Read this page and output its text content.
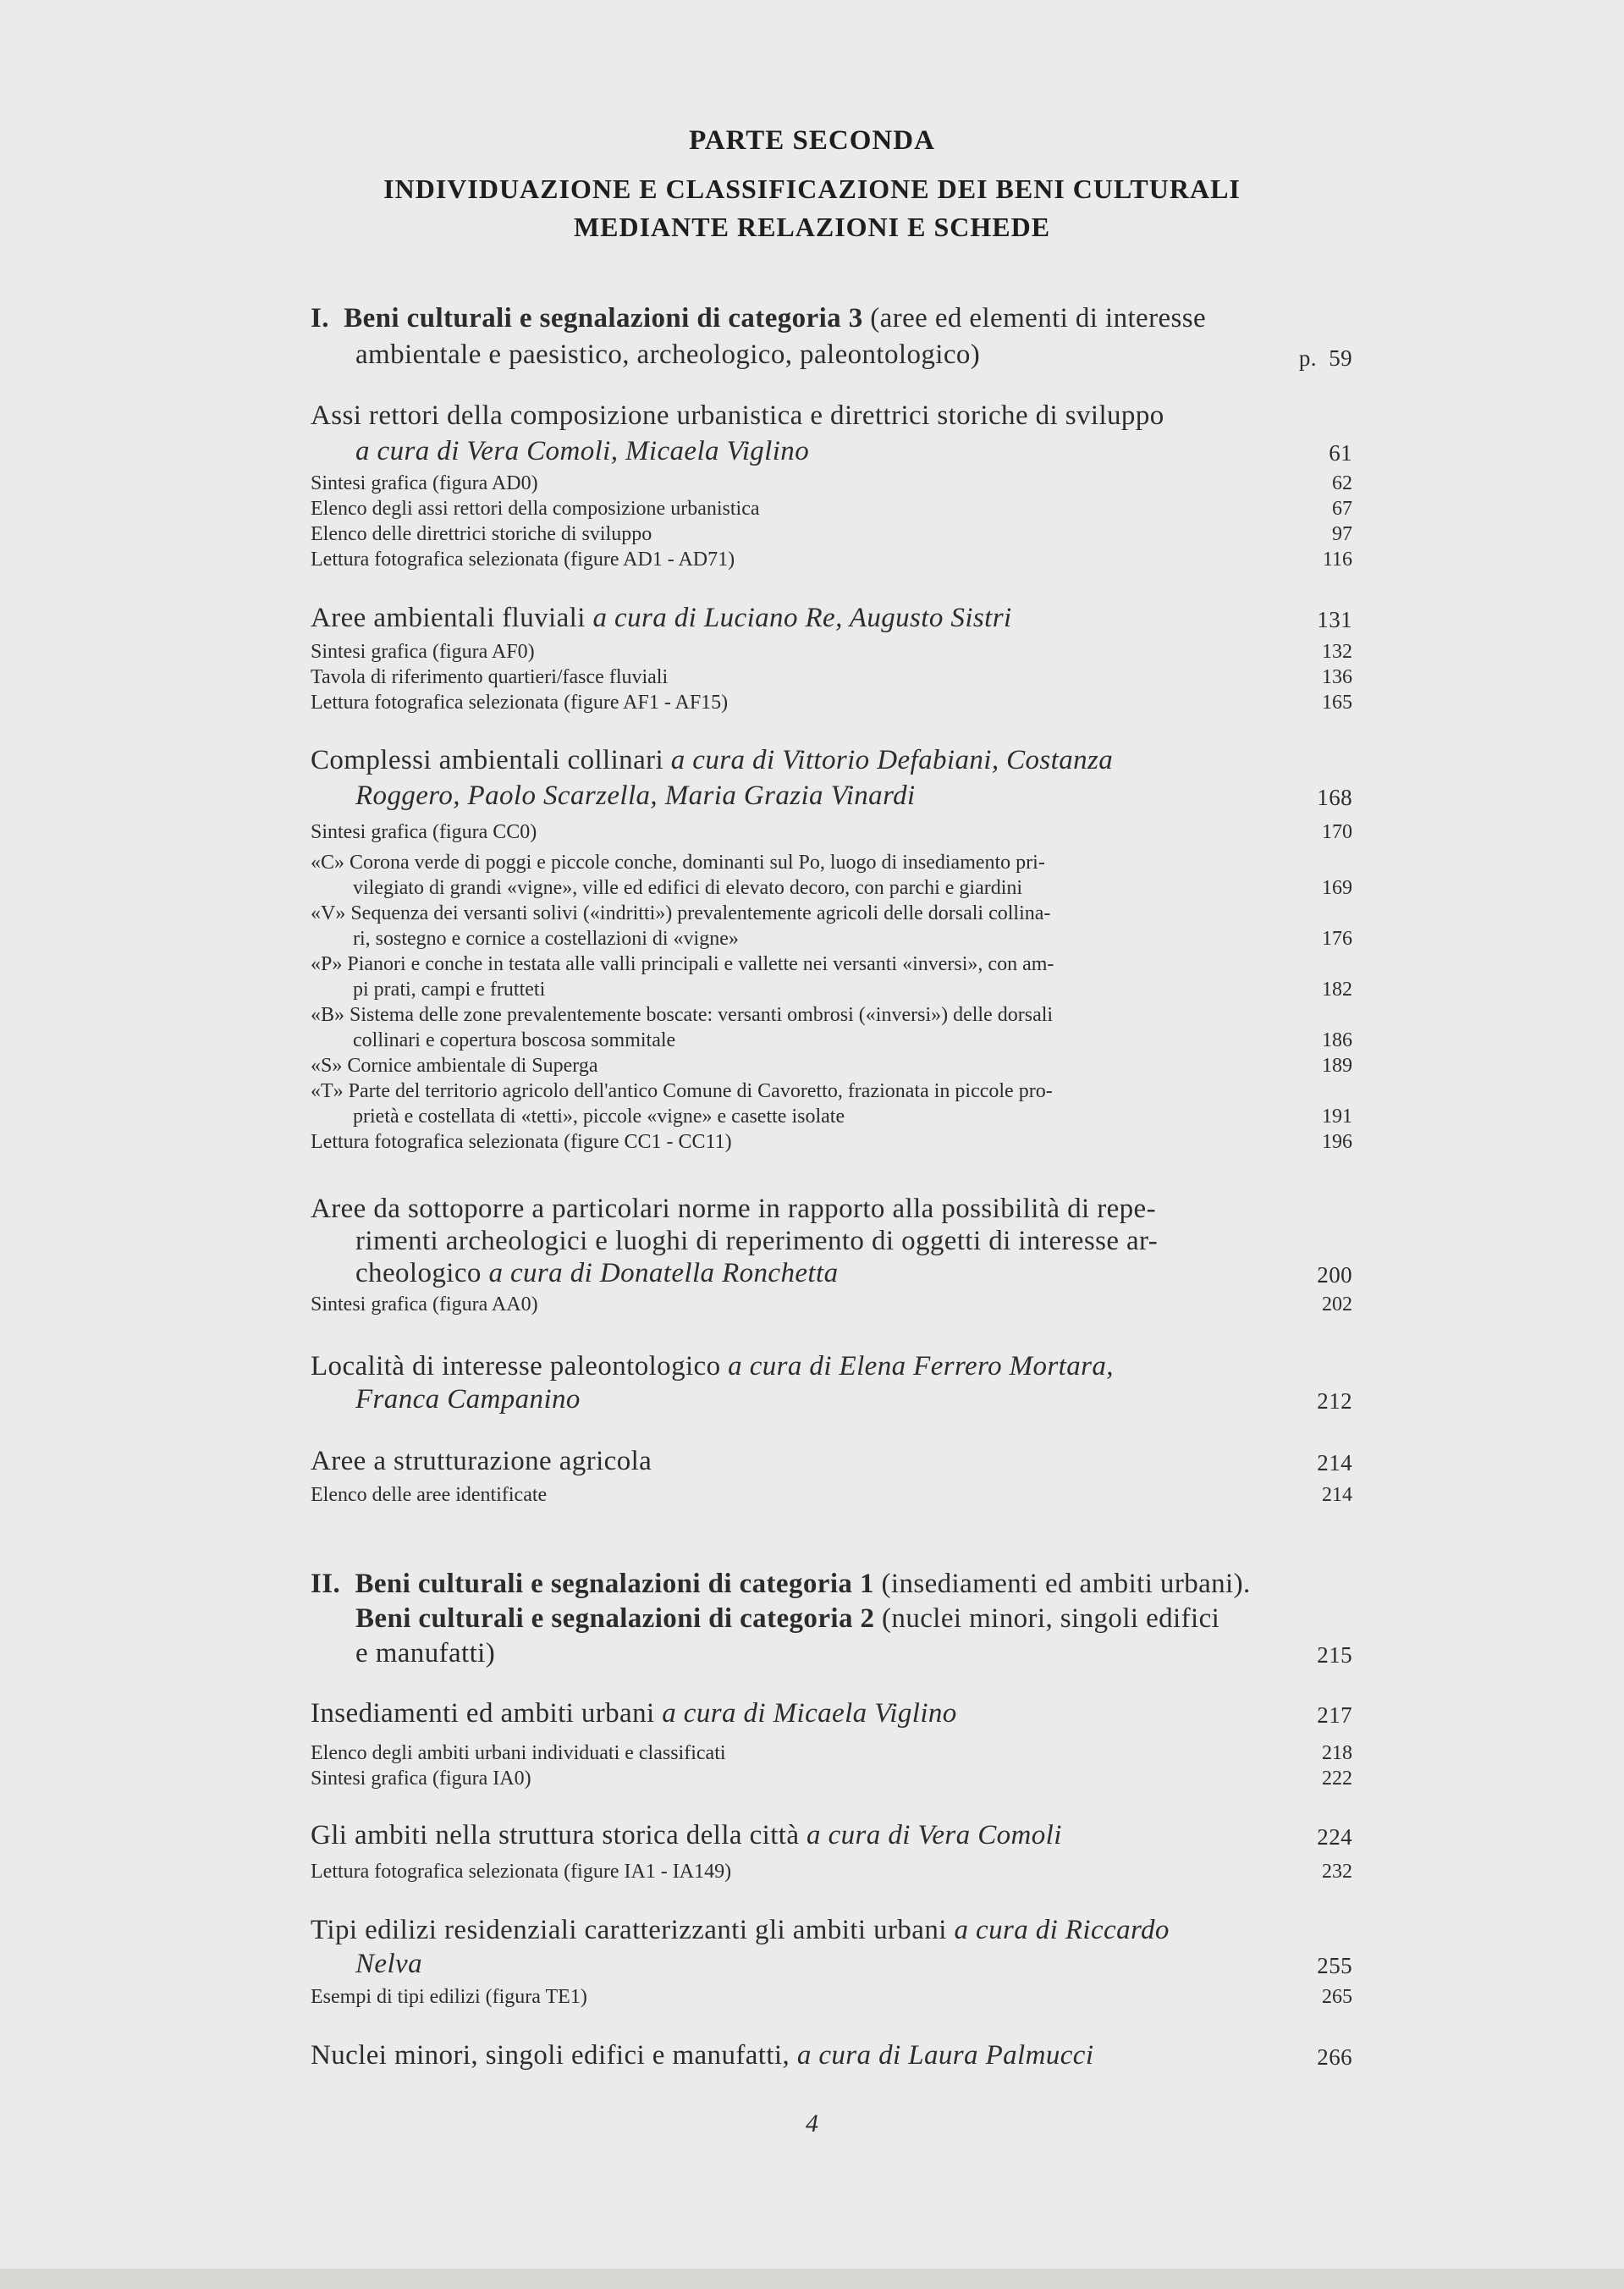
PARTE SECONDA
INDIVIDUAZIONE E CLASSIFICAZIONE DEI BENI CULTURALI
MEDIANTE RELAZIONI E SCHEDE
I. Beni culturali e segnalazioni di categoria 3 (aree ed elementi di interesse
ambientale e paesistico, archeologico, paleontologico)	p. 59
Assi rettori della composizione urbanistica e direttrici storiche di sviluppo
a cura di Vera Comoli, Micaela Viglino	61
Sintesi grafica (figura AD0)	62
Elenco degli assi rettori della composizione urbanistica	67
Elenco delle direttrici storiche di sviluppo	97
Lettura fotografica selezionata (figure AD1 - AD71)	116
Aree ambientali fluviali a cura di Luciano Re, Augusto Sistri	131
Sintesi grafica (figura AF0)	132
Tavola di riferimento quartieri/fasce fluviali	136
Lettura fotografica selezionata (figure AF1 - AF15)	165
Complessi ambientali collinari a cura di Vittorio Defabiani, Costanza
Roggero, Paolo Scarzella, Maria Grazia Vinardi	168
Sintesi grafica (figura CC0)	170
«C» Corona verde di poggi e piccole conche, dominanti sul Po, luogo di insediamento pri-
vilegiato di grandi «vigne», ville ed edifici di elevato decoro, con parchi e giardini	169
«V» Sequenza dei versanti solivi («indritti») prevalentemente agricoli delle dorsali collina-
ri, sostegno e cornice a costellazioni di «vigne»	176
«P» Pianori e conche in testata alle valli principali e vallette nei versanti «inversi», con am-
pi prati, campi e frutteti	182
«B» Sistema delle zone prevalentemente boscate: versanti ombrosi («inversi») delle dorsali
collinari e copertura boscosa sommitale	186
«S» Cornice ambientale di Superga	189
«T» Parte del territorio agricolo dell'antico Comune di Cavoretto, frazionata in piccole pro-
prietà e costellata di «tetti», piccole «vigne» e casette isolate	191
Lettura fotografica selezionata (figure CC1 - CC11)	196
Aree da sottoporre a particolari norme in rapporto alla possibilità di repe-
rimenti archeologici e luoghi di reperimento di oggetti di interesse ar-
cheologico a cura di Donatella Ronchetta	200
Sintesi grafica (figura AA0)	202
Località di interesse paleontologico a cura di Elena Ferrero Mortara,
Franca Campanino	212
Aree a strutturazione agricola	214
Elenco delle aree identificate	214
II. Beni culturali e segnalazioni di categoria 1 (insediamenti ed ambiti urbani).
Beni culturali e segnalazioni di categoria 2 (nuclei minori, singoli edifici
e manufatti)	215
Insediamenti ed ambiti urbani a cura di Micaela Viglino	217
Elenco degli ambiti urbani individuati e classificati	218
Sintesi grafica (figura IA0)	222
Gli ambiti nella struttura storica della città a cura di Vera Comoli	224
Lettura fotografica selezionata (figure IA1 - IA149)	232
Tipi edilizi residenziali caratterizzanti gli ambiti urbani a cura di Riccardo
Nelva	255
Esempi di tipi edilizi (figura TE1)	265
Nuclei minori, singoli edifici e manufatti, a cura di Laura Palmucci	266
4
